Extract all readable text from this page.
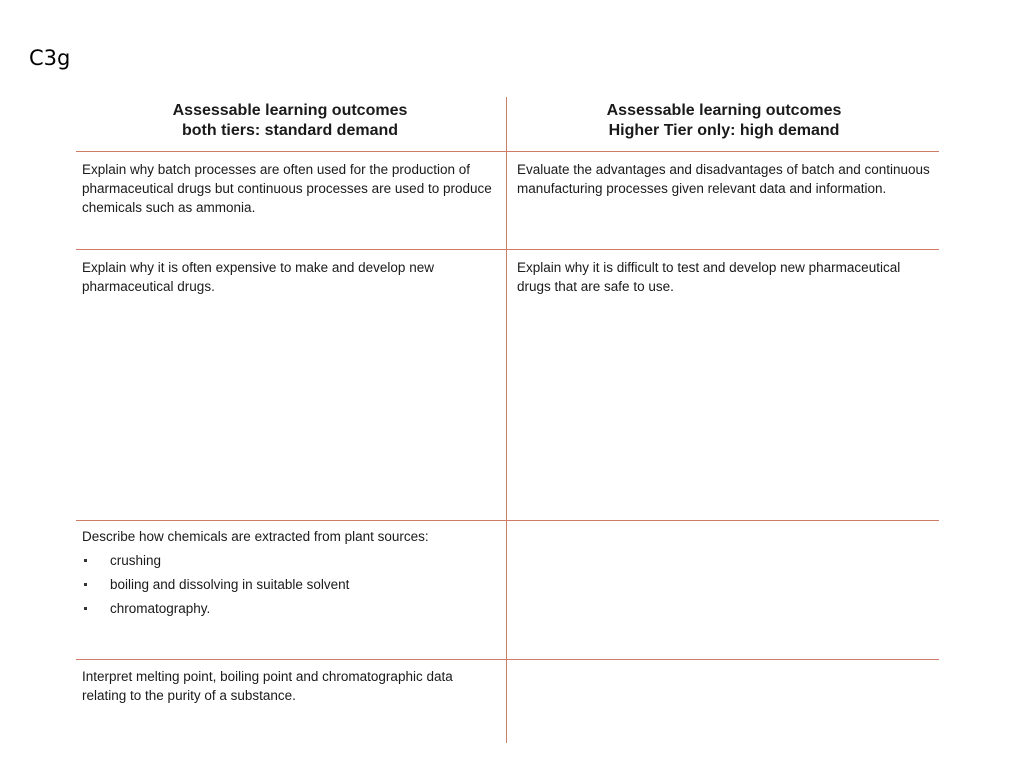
C3g
Assessable learning outcomes
both tiers: standard demand
Assessable learning outcomes
Higher Tier only: high demand
Explain why batch processes are often used for the production of pharmaceutical drugs but continuous processes are used to produce chemicals such as ammonia.
Evaluate the advantages and disadvantages of batch and continuous manufacturing processes given relevant data and information.
Explain why it is often expensive to make and develop new pharmaceutical drugs.
Explain why it is difficult to test and develop new pharmaceutical drugs that are safe to use.
Describe how chemicals are extracted from plant sources:
crushing
boiling and dissolving in suitable solvent
chromatography.
Interpret melting point, boiling point and chromatographic data relating to the purity of a substance.
